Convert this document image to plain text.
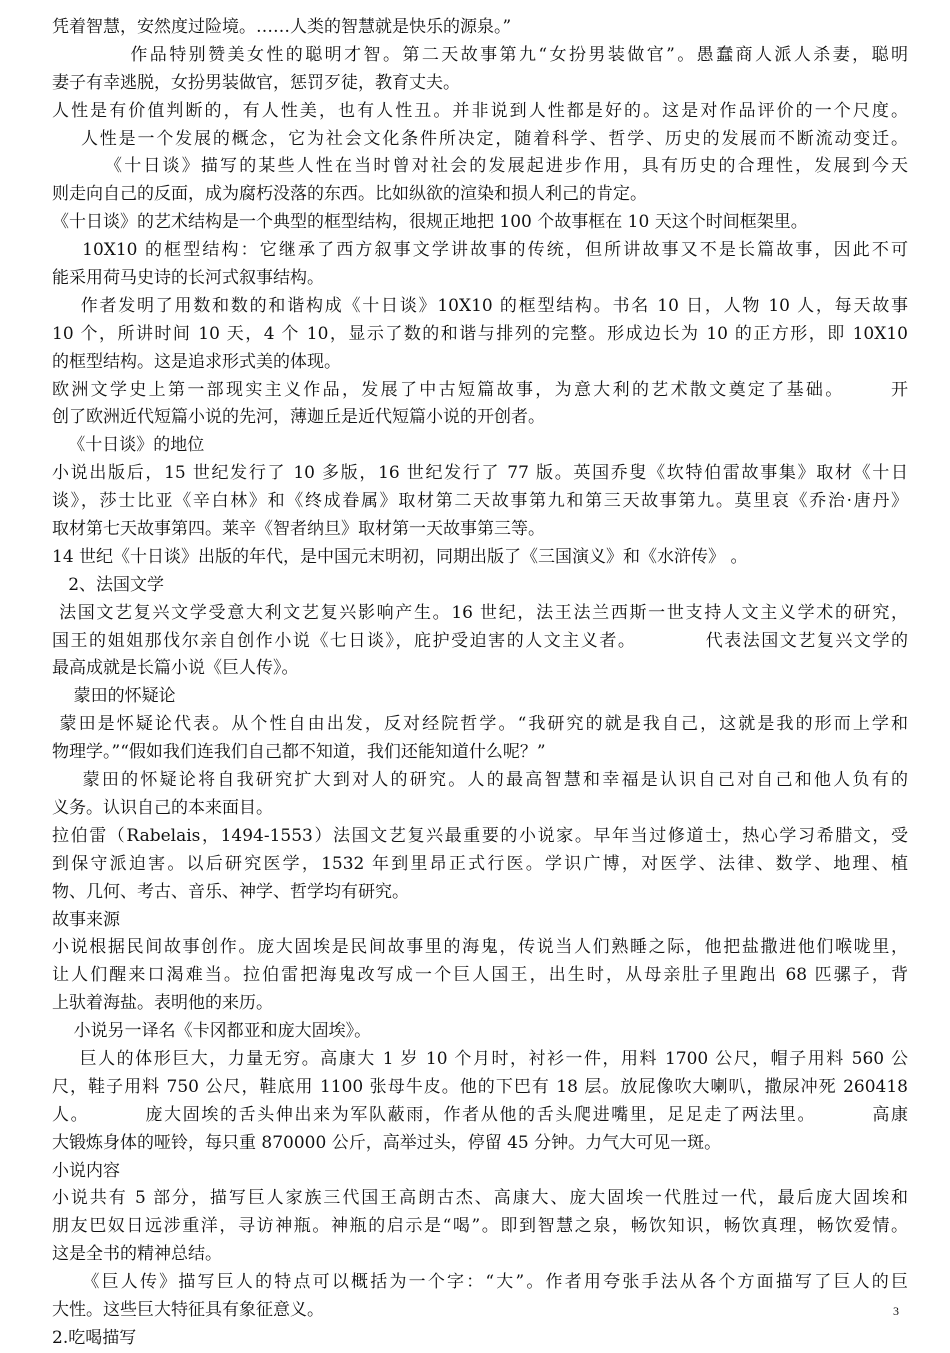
凭着智慧，安然度过险境。……人类的智慧就是快乐的源泉。”
作品特别赞美女性的聪明才智。第二天故事第九“女扮男装做官”。愚蠢商人派人杀妻，聪明
妻子有幸逃脱，女扮男装做官，惩罚歹徒，教育丈夫。
人性是有价值判断的，有人性美，也有人性丑。并非说到人性都是好的。这是对作品评价的一个尺度。
人性是一个发展的概念，它为社会文化条件所决定，随着科学、哲学、历史的发展而不断流动变迁。
《十日谈》描写的某些人性在当时曾对社会的发展起进步作用，具有历史的合理性，发展到今天
则走向自己的反面，成为腐朽没落的东西。比如纵欲的渲染和损人利己的肯定。
《十日谈》的艺术结构是一个典型的框型结构，很规正地把 100 个故事框在 10 天这个时间框架里。
10X10 的框型结构：它继承了西方叙事文学讲故事的传统，但所讲故事又不是长篇故事，因此不可
能采用荷马史诗的长河式叙事结构。
作者发明了用数和数的和谐构成《十日谈》10X10 的框型结构。书名 10 日，人物 10 人，每天故事
10 个，所讲时间 10 天，4 个 10，显示了数的和谐与排列的完整。形成边长为 10 的正方形，即 10X10
的框型结构。这是追求形式美的体现。
欧洲文学史上第一部现实主义作品，发展了中古短篇故事，为意大利的艺术散文奠定了基础。      开
创了欧洲近代短篇小说的先河，薄迦丘是近代短篇小说的开创者。
《十日谈》的地位
小说出版后，15 世纪发行了 10 多版，16 世纪发行了 77 版。英国乔叟《坎特伯雷故事集》取材《十日
谈》，莎士比亚《辛白林》和《终成眷属》取材第二天故事第九和第三天故事第九。莫里哀《乔治·唐丹》
取材第七天故事第四。莱辛《智者纳旦》取材第一天故事第三等。
14 世纪《十日谈》出版的年代，是中国元末明初，同期出版了《三国演义》和《水浒传》 。
2、法国文学
法国文艺复兴文学受意大利文艺复兴影响产生。16 世纪，法王法兰西斯一世支持人文主义学术的研究，
国王的姐姐那伐尔亲自创作小说《七日谈》，庇护受迫害的人文主义者。          代表法国文艺复兴文学的
最高成就是长篇小说《巨人传》。
蒙田的怀疑论
蒙田是怀疑论代表。从个性自由出发，反对经院哲学。“我研究的就是我自己，这就是我的形而上学和
物理学。”“假如我们连我们自己都不知道，我们还能知道什么呢？”
蒙田的怀疑论将自我研究扩大到对人的研究。人的最高智慧和幸福是认识自己对自己和他人负有的
义务。认识自己的本来面目。
拉伯雷（Rabelais，1494-1553）法国文艺复兴最重要的小说家。早年当过修道士，热心学习希腊文，受
到保守派迫害。以后研究医学，1532 年到里昂正式行医。学识广博，对医学、法律、数学、地理、植
物、几何、考古、音乐、神学、哲学均有研究。
故事来源
小说根据民间故事创作。庞大固埃是民间故事里的海鬼，传说当人们熟睡之际，他把盐撒进他们喉咙里，
让人们醒来口渴难当。拉伯雷把海鬼改写成一个巨人国王，出生时，从母亲肚子里跑出 68 匹骡子，背
上驮着海盐。表明他的来历。
小说另一译名《卡冈都亚和庞大固埃》。
巨人的体形巨大，力量无穷。高康大 1 岁 10 个月时，衬衫一件，用料 1700 公尺，帽子用料 560 公
尺，鞋子用料 750 公尺，鞋底用 1100 张母牛皮。他的下巴有 18 层。放屁像吹大喇叭，撒尿冲死 260418
人。        庞大固埃的舌头伸出来为军队蔽雨，作者从他的舌头爬进嘴里，足足走了两法里。        高康
大锻炼身体的哑铃，每只重 870000 公斤，高举过头，停留 45 分钟。力气大可见一斑。
小说内容
小说共有 5 部分，描写巨人家族三代国王高朗古杰、高康大、庞大固埃一代胜过一代，最后庞大固埃和
朋友巴奴日远涉重洋，寻访神瓶。神瓶的启示是“喝”。即到智慧之泉，畅饮知识，畅饮真理，畅饮爱情。
这是全书的精神总结。
《巨人传》描写巨人的特点可以概括为一个字：“大”。作者用夸张手法从各个方面描写了巨人的巨
大性。这些巨大特征具有象征意义。
2.吃喝描写
3
